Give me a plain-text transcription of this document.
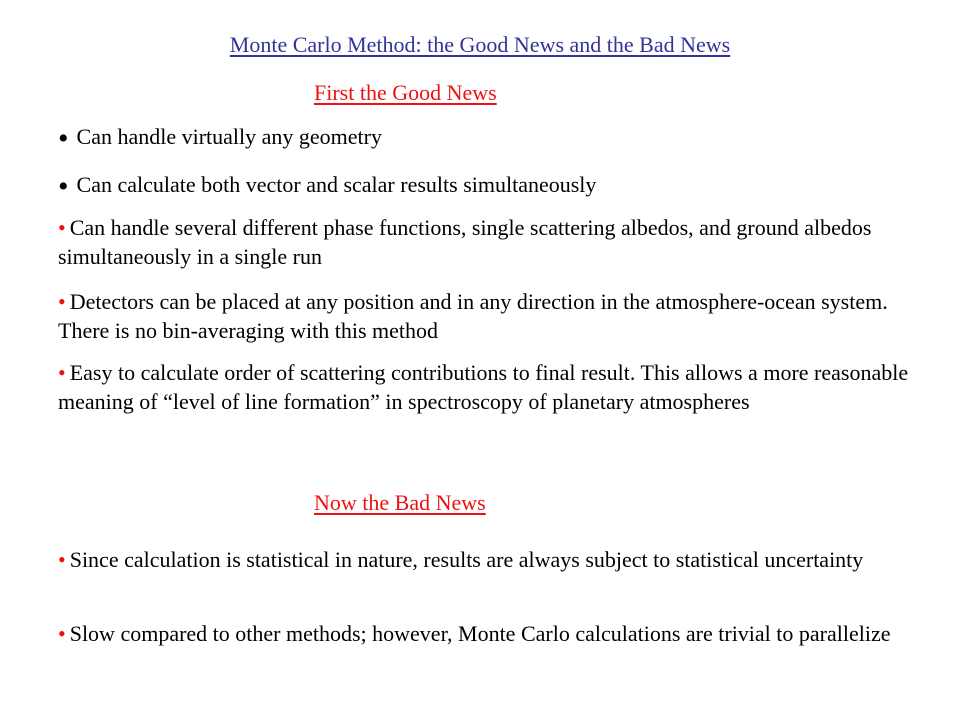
Monte Carlo Method: the Good News and the Bad News
First the Good News
• Can handle virtually any geometry
• Can calculate both vector and scalar results simultaneously
• Can handle several different phase functions, single scattering albedos, and ground albedos simultaneously in a single run
• Detectors can be placed at any position and in any direction in the atmosphere-ocean system. There is no bin-averaging with this method
• Easy to calculate order of scattering contributions to final result. This allows a more reasonable meaning of “level of line formation” in spectroscopy of planetary atmospheres
Now the Bad News
• Since calculation is statistical in nature, results are always subject to statistical uncertainty
• Slow compared to other methods; however, Monte Carlo calculations are trivial to parallelize
